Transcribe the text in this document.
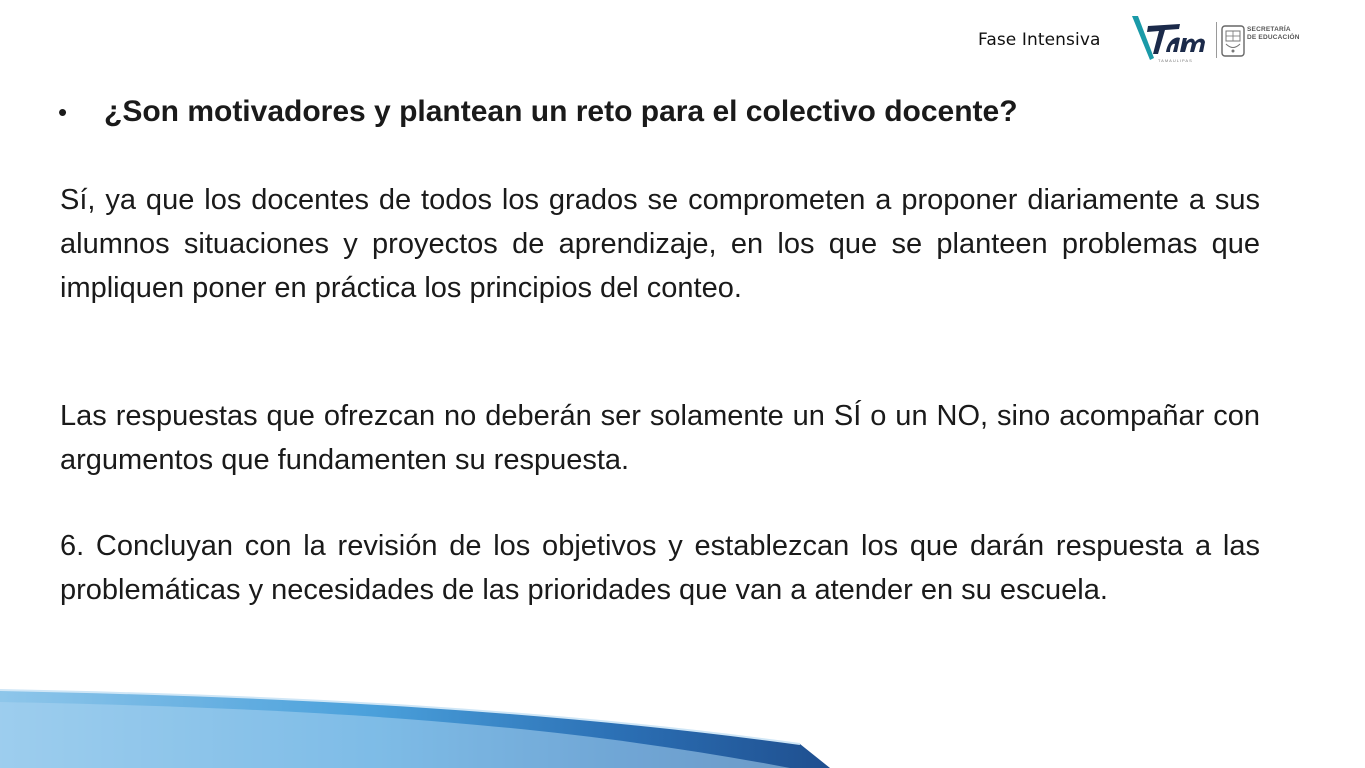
Fase Intensiva
TAMAULIPAS
SECRETARÍA
DE EDUCACIÓN
•	¿Son motivadores y plantean un reto para el colectivo docente?
Sí, ya que los docentes de todos los grados se comprometen a proponer diariamente a sus alumnos situaciones y proyectos de aprendizaje, en los que se planteen problemas que impliquen poner en práctica los principios del conteo.
Las respuestas que ofrezcan no deberán ser solamente un SÍ o un NO, sino acompañar con argumentos que fundamenten su respuesta.
6. Concluyan con la revisión de los objetivos y establezcan los que darán respuesta a las problemáticas y necesidades de las prioridades que van a atender en su escuela.
